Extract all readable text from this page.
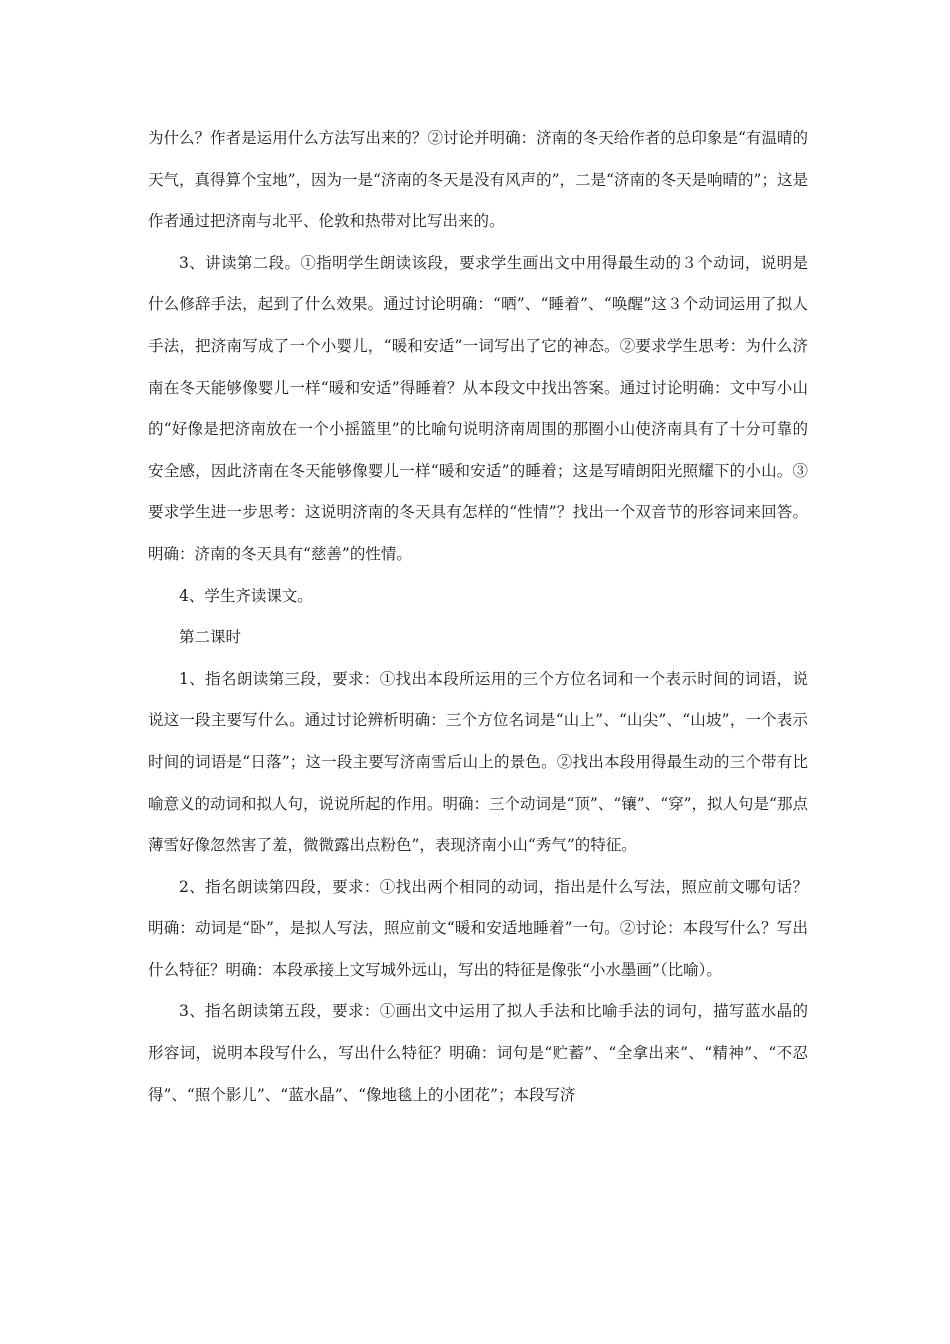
为什么？作者是运用什么方法写出来的？②讨论并明确：济南的冬天给作者的总印象是“有温晴的天气，真得算个宝地”，因为一是“济南的冬天是没有风声的”，二是“济南的冬天是响晴的”；这是作者通过把济南与北平、伦敦和热带对比写出来的。

3、讲读第二段。①指明学生朗读该段，要求学生画出文中用得最生动的３个动词，说明是什么修辞手法，起到了什么效果。通过讨论明确：“晒”、“睡着”、“唤醒”这３个动词运用了拟人手法，把济南写成了一个小婴儿，“暖和安适”一词写出了它的神态。②要求学生思考：为什么济南在冬天能够像婴儿一样“暖和安适”得睡着？从本段文中找出答案。通过讨论明确：文中写小山的“好像是把济南放在一个小摇篮里”的比喻句说明济南周围的那圈小山使济南具有了十分可靠的安全感，因此济南在冬天能够像婴儿一样“暖和安适”的睡着；这是写晴朗阳光照耀下的小山。③要求学生进一步思考：这说明济南的冬天具有怎样的“性情”？找出一个双音节的形容词来回答。明确：济南的冬天具有“慈善”的性情。

4、学生齐读课文。

第二课时

1、指名朗读第三段，要求：①找出本段所运用的三个方位名词和一个表示时间的词语，说说这一段主要写什么。通过讨论辨析明确：三个方位名词是“山上”、“山尖”、“山坡”，一个表示时间的词语是“日落”；这一段主要写济南雪后山上的景色。②找出本段用得最生动的三个带有比喻意义的动词和拟人句，说说所起的作用。明确：三个动词是“顶”、“镶”、“穿”，拟人句是“那点薄雪好像忽然害了羞，微微露出点粉色”，表现济南小山“秀气”的特征。

2、指名朗读第四段，要求：①找出两个相同的动词，指出是什么写法，照应前文哪句话？明确：动词是“卧”，是拟人写法，照应前文“暖和安适地睡着”一句。②讨论：本段写什么？写出什么特征？明确：本段承接上文写城外远山，写出的特征是像张“小水墨画”（比喻）。

3、指名朗读第五段，要求：①画出文中运用了拟人手法和比喻手法的词句，描写蓝水晶的形容词，说明本段写什么，写出什么特征？明确：词句是“贮蓄”、“全拿出来”、“精神”、“不忍得”、“照个影儿”、“蓝水晶”、“像地毯上的小团花”；本段写济
